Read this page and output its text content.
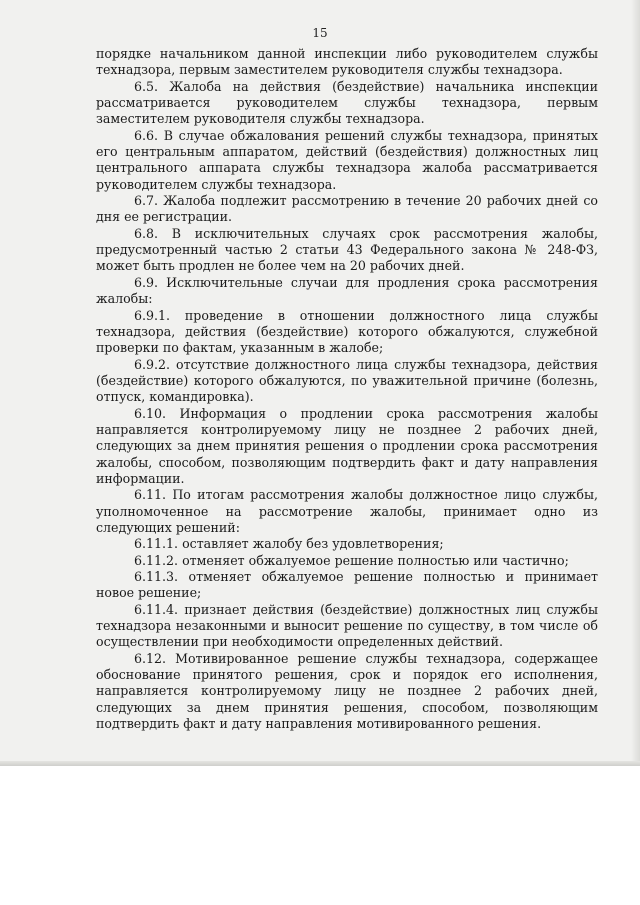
15

порядке начальником данной инспекции либо руководителем службы технадзора, первым заместителем руководителя службы технадзора.

6.5. Жалоба на действия (бездействие) начальника инспекции рассматривается руководителем службы технадзора, первым заместителем руководителя службы технадзора.

6.6. В случае обжалования решений службы технадзора, принятых его центральным аппаратом, действий (бездействия) должностных лиц центрального аппарата службы технадзора жалоба рассматривается руководителем службы технадзора.

6.7. Жалоба подлежит рассмотрению в течение 20 рабочих дней со дня ее регистрации.

6.8. В исключительных случаях срок рассмотрения жалобы, предусмотренный частью 2 статьи 43 Федерального закона № 248-ФЗ, может быть продлен не более чем на 20 рабочих дней.

6.9. Исключительные случаи для продления срока рассмотрения жалобы:

6.9.1. проведение в отношении должностного лица службы технадзора, действия (бездействие) которого обжалуются, служебной проверки по фактам, указанным в жалобе;

6.9.2. отсутствие должностного лица службы технадзора, действия (бездействие) которого обжалуются, по уважительной причине (болезнь, отпуск, командировка).

6.10. Информация о продлении срока рассмотрения жалобы направляется контролируемому лицу не позднее 2 рабочих дней, следующих за днем принятия решения о продлении срока рассмотрения жалобы, способом, позволяющим подтвердить факт и дату направления информации.

6.11. По итогам рассмотрения жалобы должностное лицо службы, уполномоченное на рассмотрение жалобы, принимает одно из следующих решений:

6.11.1. оставляет жалобу без удовлетворения;

6.11.2. отменяет обжалуемое решение полностью или частично;

6.11.3. отменяет обжалуемое решение полностью и принимает новое решение;

6.11.4. признает действия (бездействие) должностных лиц службы технадзора незаконными и выносит решение по существу, в том числе об осуществлении при необходимости определенных действий.

6.12. Мотивированное решение службы технадзора, содержащее обоснование принятого решения, срок и порядок его исполнения, направляется контролируемому лицу не позднее 2 рабочих дней, следующих за днем принятия решения, способом, позволяющим подтвердить факт и дату направления мотивированного решения.
